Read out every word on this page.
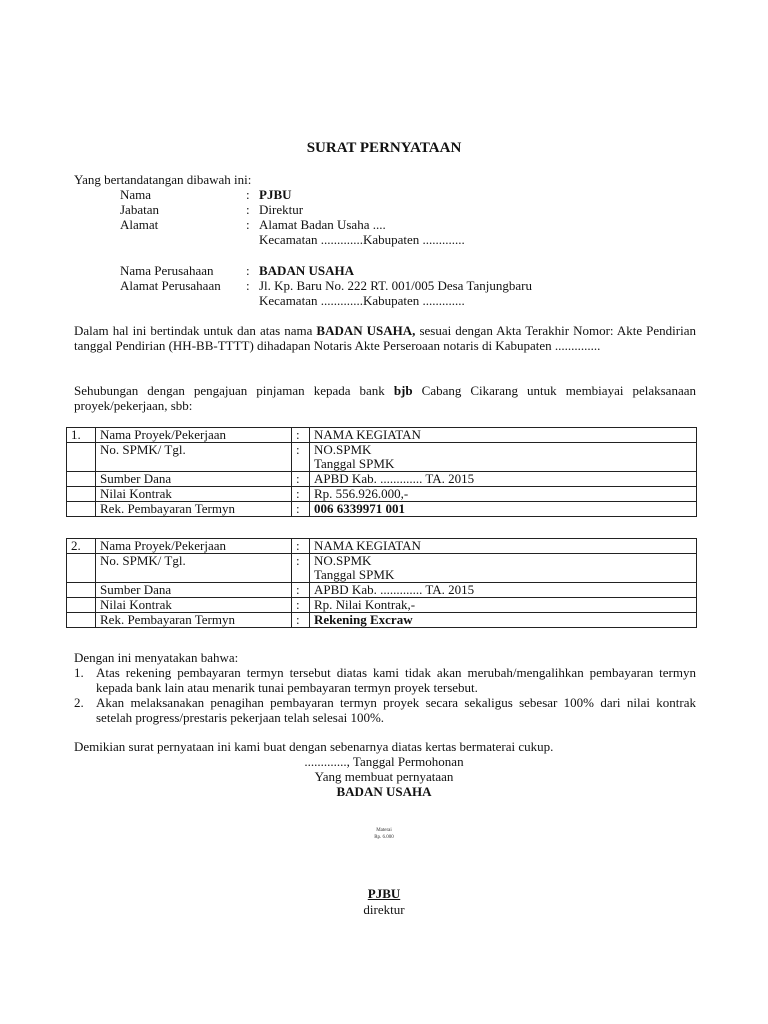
SURAT PERNYATAAN
Yang bertandatangan dibawah ini:
Nama	: PJBU
Jabatan	: Direktur
Alamat	: Alamat Badan Usaha ....
Kecamatan .............Kabupaten .............
Nama Perusahaan	: BADAN USAHA
Alamat Perusahaan : Jl. Kp. Baru No. 222 RT. 001/005 Desa Tanjungbaru
Kecamatan .............Kabupaten .............
Dalam hal ini bertindak untuk dan atas nama BADAN USAHA, sesuai dengan Akta Terakhir Nomor: Akte Pendirian tanggal Pendirian (HH-BB-TTTT) dihadapan Notaris Akte Perseroaan notaris di Kabupaten ..............
Sehubungan dengan pengajuan pinjaman kepada bank bjb Cabang Cikarang untuk membiayai pelaksanaan proyek/pekerjaan, sbb:
1.	Nama Proyek/Pekerjaan	:	NAMA KEGIATAN

	No. SPMK/ Tgl.	:	NO.SPMK
Tanggal SPMK

	Sumber Dana	:	APBD Kab. ............. TA. 2015

	Nilai Kontrak	:	Rp. 556.926.000,-

	Rek. Pembayaran Termyn	:	006 6339971 001
2.	Nama Proyek/Pekerjaan	:	NAMA KEGIATAN

	No. SPMK/ Tgl.	:	NO.SPMK
Tanggal SPMK

	Sumber Dana	:	APBD Kab. ............. TA. 2015

	Nilai Kontrak	:	Rp. Nilai Kontrak,-

	Rek. Pembayaran Termyn	:	Rekening Excraw
Dengan ini menyatakan bahwa:
1. Atas rekening pembayaran termyn tersebut diatas kami tidak akan merubah/mengalihkan pembayaran termyn kepada bank lain atau menarik tunai pembayaran termyn proyek tersebut.
2. Akan melaksanakan penagihan pembayaran termyn proyek secara sekaligus sebesar 100% dari nilai kontrak setelah progress/prestaris pekerjaan telah selesai 100%.
Demikian surat pernyataan ini kami buat dengan sebenarnya diatas kertas bermaterai cukup.
............., Tanggal Permohonan
Yang membuat pernyataan
BADAN USAHA
Materai
Rp. 6.000
PJBU
direktur
